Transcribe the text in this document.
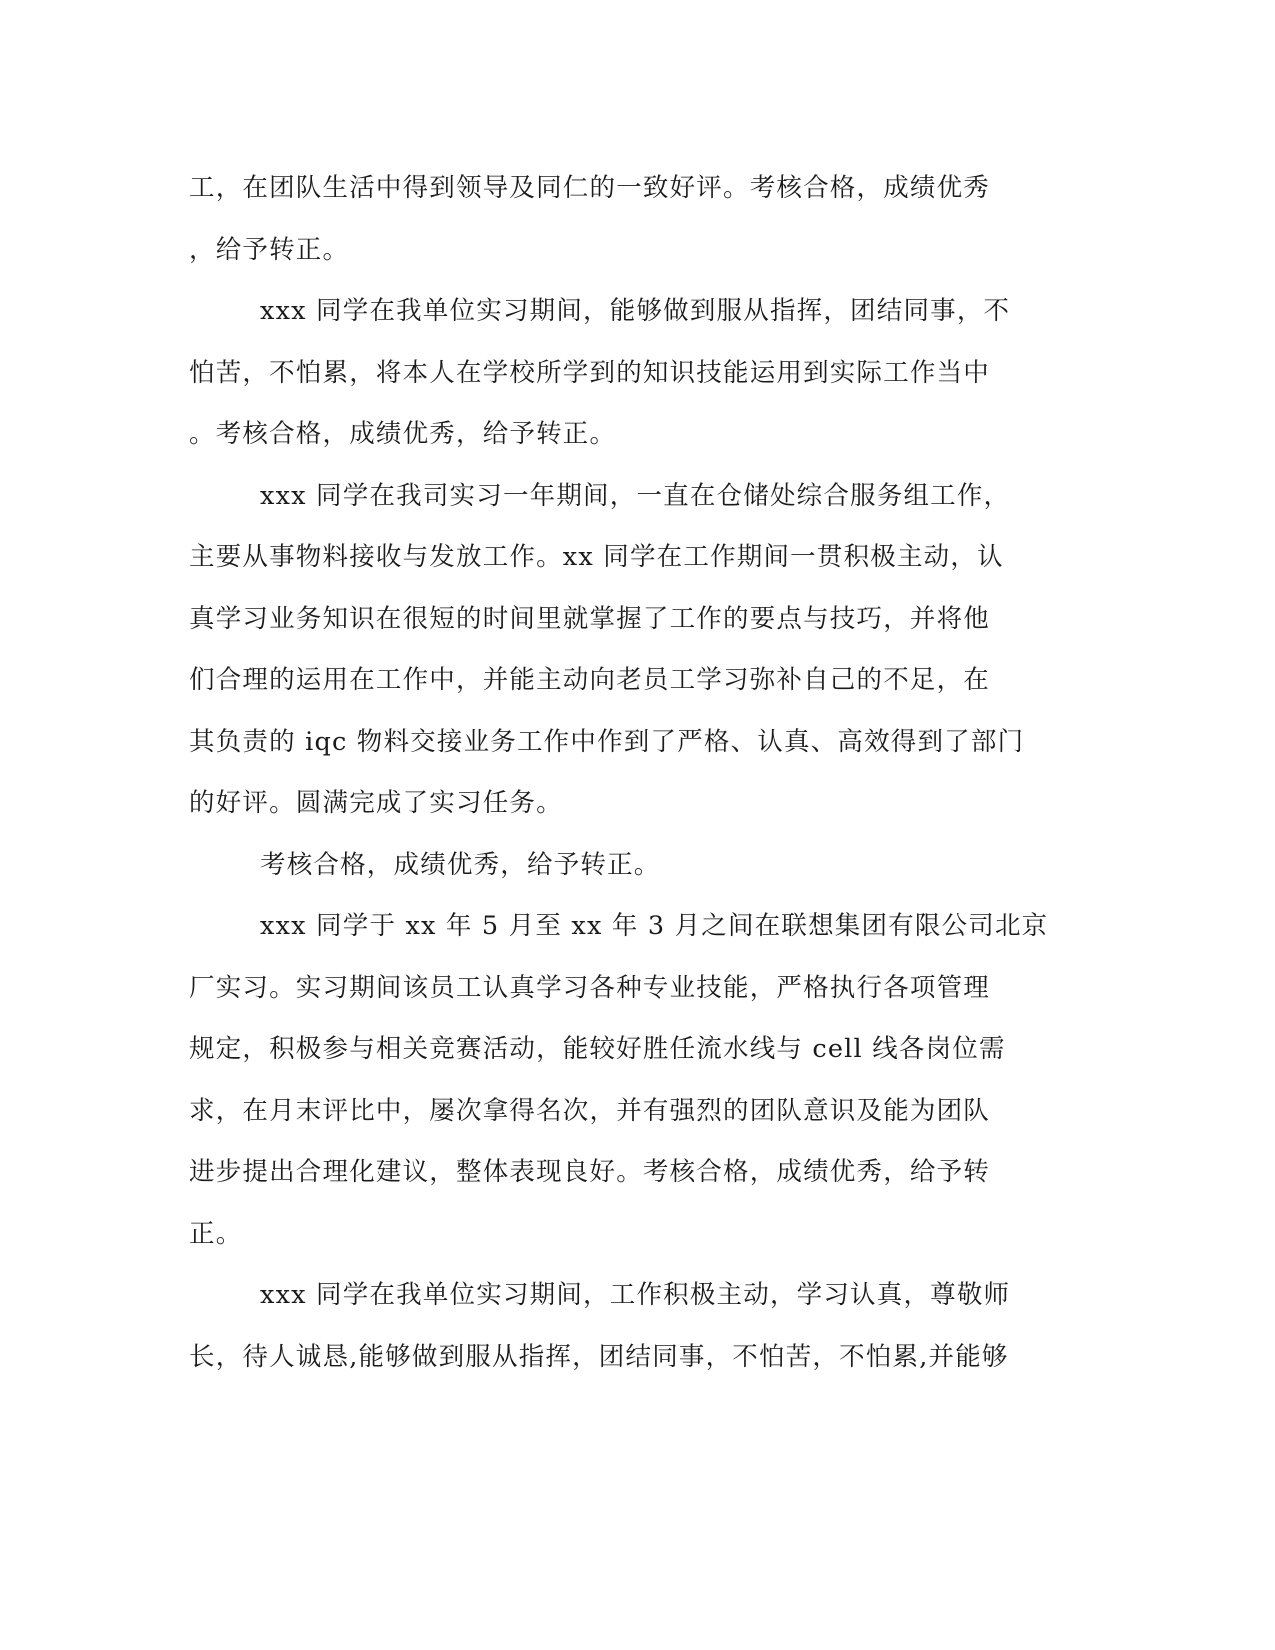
工，在团队生活中得到领导及同仁的一致好评。考核合格，成绩优秀
，给予转正。
xxx 同学在我单位实习期间，能够做到服从指挥，团结同事，不
怕苦，不怕累，将本人在学校所学到的知识技能运用到实际工作当中
。考核合格，成绩优秀，给予转正。
xxx 同学在我司实习一年期间，一直在仓储处综合服务组工作，
主要从事物料接收与发放工作。xx 同学在工作期间一贯积极主动，认
真学习业务知识在很短的时间里就掌握了工作的要点与技巧，并将他
们合理的运用在工作中，并能主动向老员工学习弥补自己的不足，在
其负责的 iqc 物料交接业务工作中作到了严格、认真、高效得到了部门
的好评。圆满完成了实习任务。
考核合格，成绩优秀，给予转正。
xxx 同学于 xx 年 5 月至 xx 年 3 月之间在联想集团有限公司北京
厂实习。实习期间该员工认真学习各种专业技能，严格执行各项管理
规定，积极参与相关竞赛活动，能较好胜任流水线与 cell 线各岗位需
求，在月末评比中，屡次拿得名次，并有强烈的团队意识及能为团队
进步提出合理化建议，整体表现良好。考核合格，成绩优秀，给予转
正。
xxx 同学在我单位实习期间，工作积极主动，学习认真，尊敬师
长，待人诚恳,能够做到服从指挥，团结同事，不怕苦，不怕累,并能够
